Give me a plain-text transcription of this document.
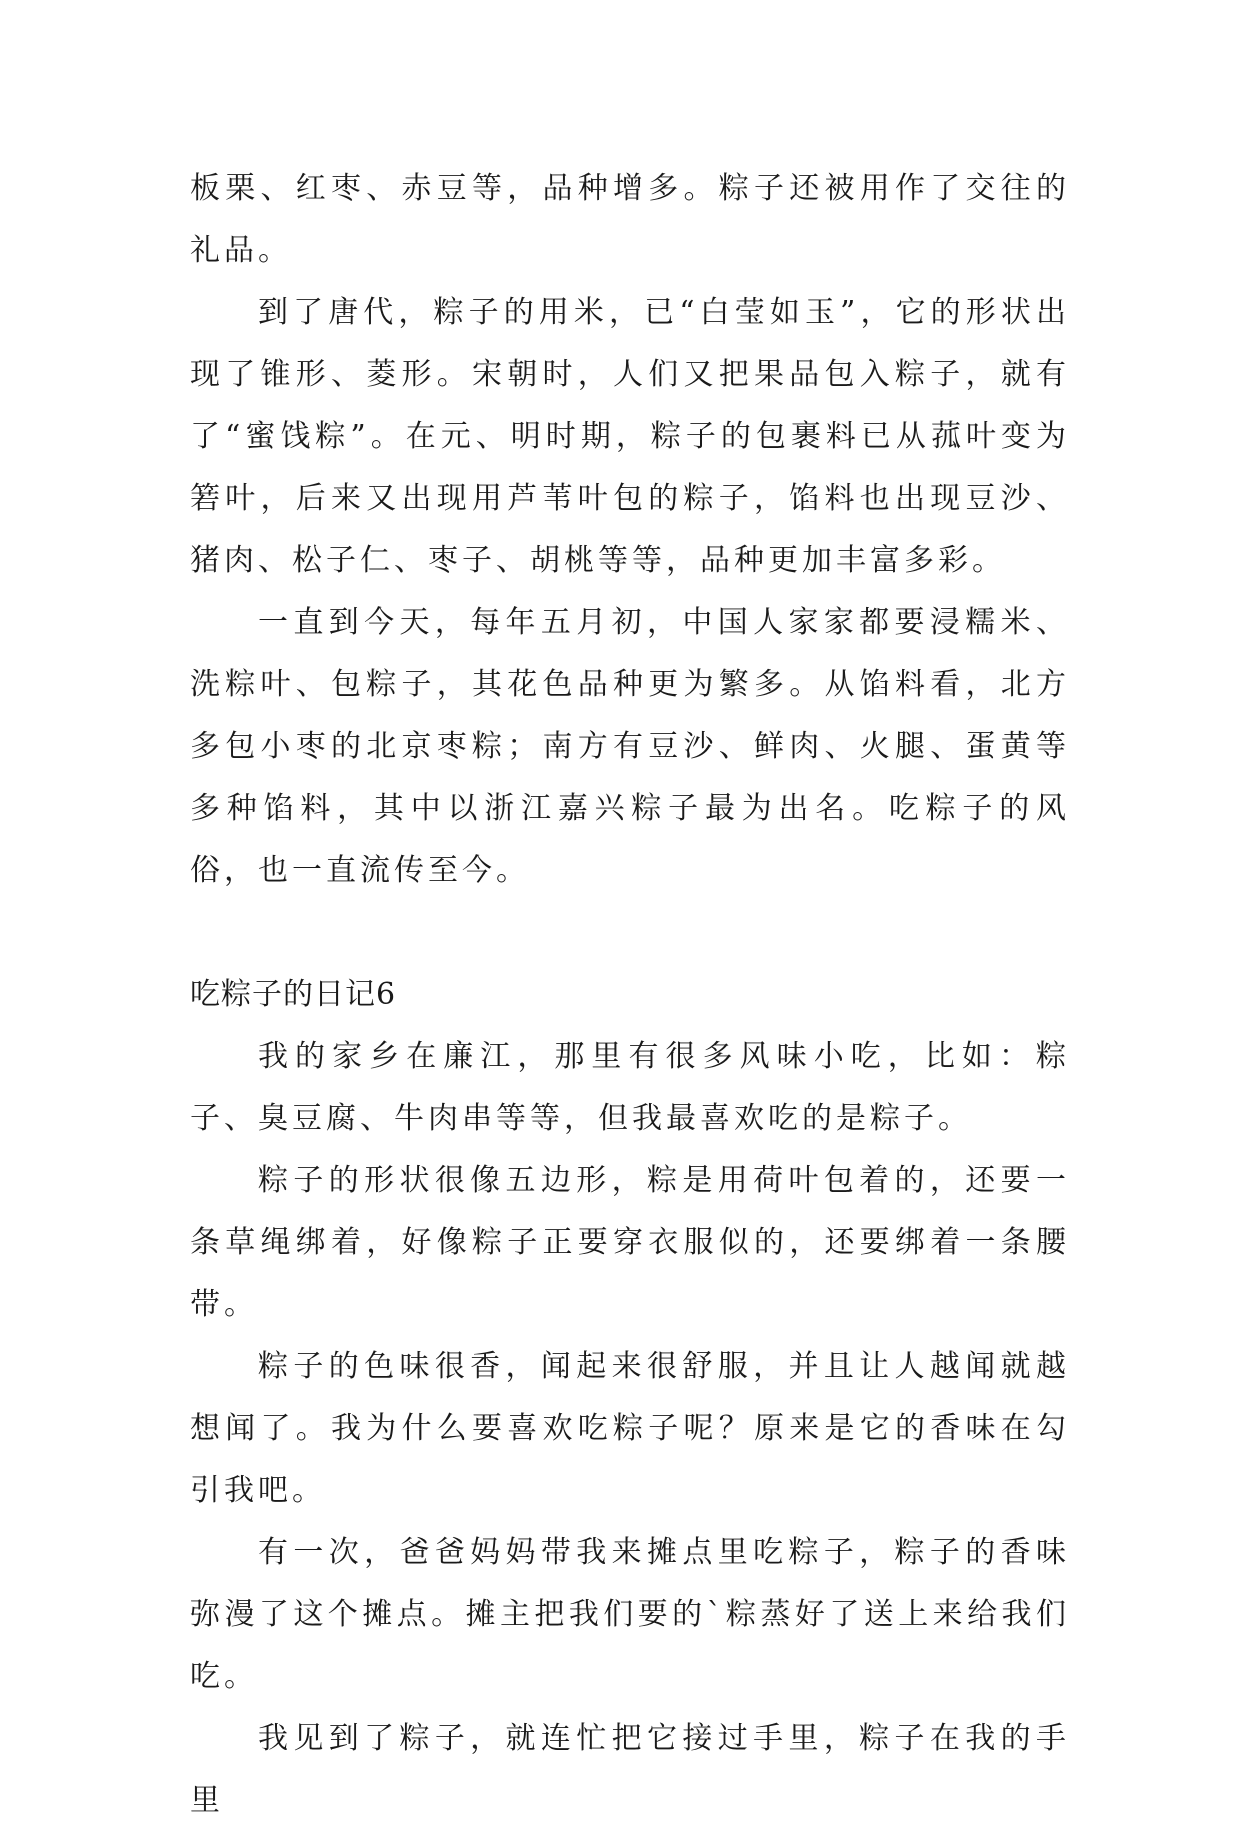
板栗、红枣、赤豆等，品种增多。粽子还被用作了交往的礼品。

到了唐代，粽子的用米，已“白莹如玉”，它的形状出现了锥形、菱形。宋朝时，人们又把果品包入粽子，就有了“蜜饯粽”。在元、明时期，粽子的包裹料已从菰叶变为箬叶，后来又出现用芦苇叶包的粽子，馅料也出现豆沙、猪肉、松子仁、枣子、胡桃等等，品种更加丰富多彩。

一直到今天，每年五月初，中国人家家都要浸糯米、洗粽叶、包粽子，其花色品种更为繁多。从馅料看，北方多包小枣的北京枣粽；南方有豆沙、鲜肉、火腿、蛋黄等多种馅料，其中以浙江嘉兴粽子最为出名。吃粽子的风俗，也一直流传至今。

吃粽子的日记6

我的家乡在廉江，那里有很多风味小吃，比如：粽子、臭豆腐、牛肉串等等，但我最喜欢吃的是粽子。

粽子的形状很像五边形，粽是用荷叶包着的，还要一条草绳绑着，好像粽子正要穿衣服似的，还要绑着一条腰带。

粽子的色味很香，闻起来很舒服，并且让人越闻就越想闻了。我为什么要喜欢吃粽子呢？原来是它的香味在勾引我吧。

有一次，爸爸妈妈带我来摊点里吃粽子，粽子的香味弥漫了这个摊点。摊主把我们要的`粽蒸好了送上来给我们吃。

我见到了粽子，就连忙把它接过手里，粽子在我的手里
